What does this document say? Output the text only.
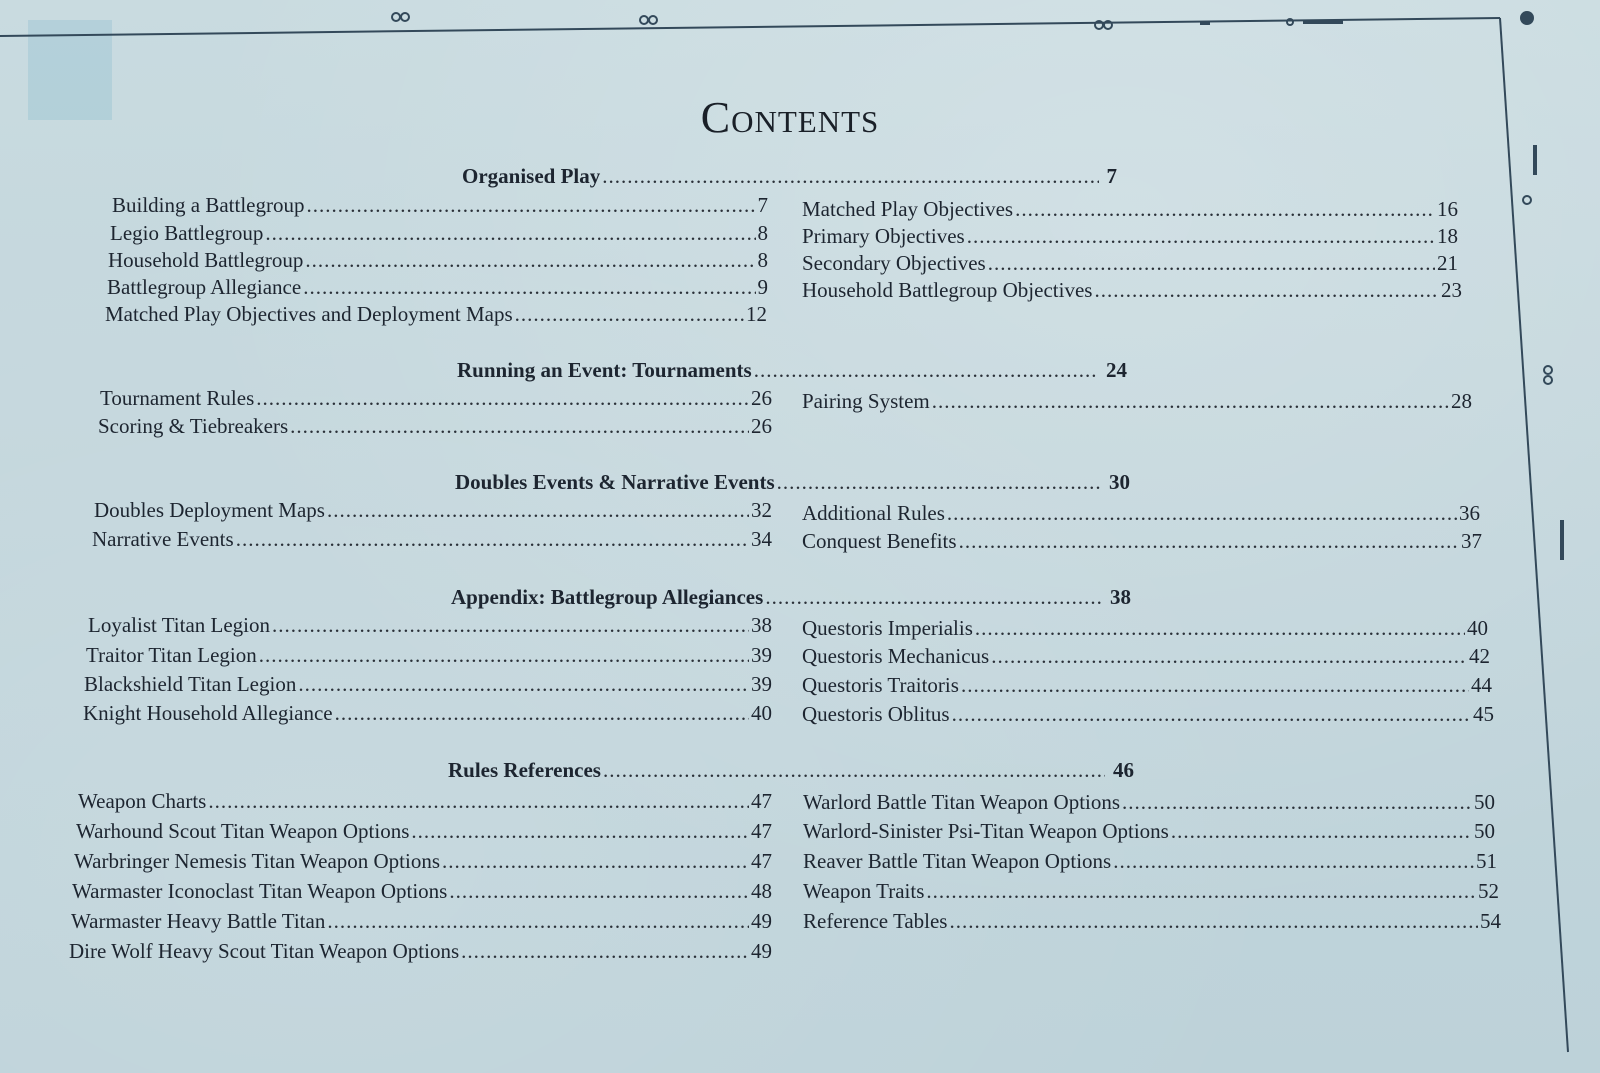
Contents
Organised Play .....	7
Building a Battlegroup .....	7
Legio Battlegroup .....	8
Household Battlegroup .....	8
Battlegroup Allegiance .....	9
Matched Play Objectives and Deployment Maps .....	12
Matched Play Objectives .....	16
Primary Objectives .....	18
Secondary Objectives .....	21
Household Battlegroup Objectives .....	23
Running an Event: Tournaments .....	24
Tournament Rules .....	26
Scoring & Tiebreakers .....	26
Pairing System .....	28
Doubles Events & Narrative Events .....	30
Doubles Deployment Maps .....	32
Narrative Events .....	34
Additional Rules .....	36
Conquest Benefits .....	37
Appendix: Battlegroup Allegiances .....	38
Loyalist Titan Legion .....	38
Traitor Titan Legion .....	39
Blackshield Titan Legion .....	39
Knight Household Allegiance .....	40
Questoris Imperialis .....	40
Questoris Mechanicus .....	42
Questoris Traitoris .....	44
Questoris Oblitus .....	45
Rules References .....	46
Weapon Charts .....	47
Warhound Scout Titan Weapon Options .....	47
Warbringer Nemesis Titan Weapon Options .....	47
Warmaster Iconoclast Titan Weapon Options .....	48
Warmaster Heavy Battle Titan .....	49
Dire Wolf Heavy Scout Titan Weapon Options .....	49
Warlord Battle Titan Weapon Options .....	50
Warlord-Sinister Psi-Titan Weapon Options .....	50
Reaver Battle Titan Weapon Options .....	51
Weapon Traits .....	52
Reference Tables .....	54
